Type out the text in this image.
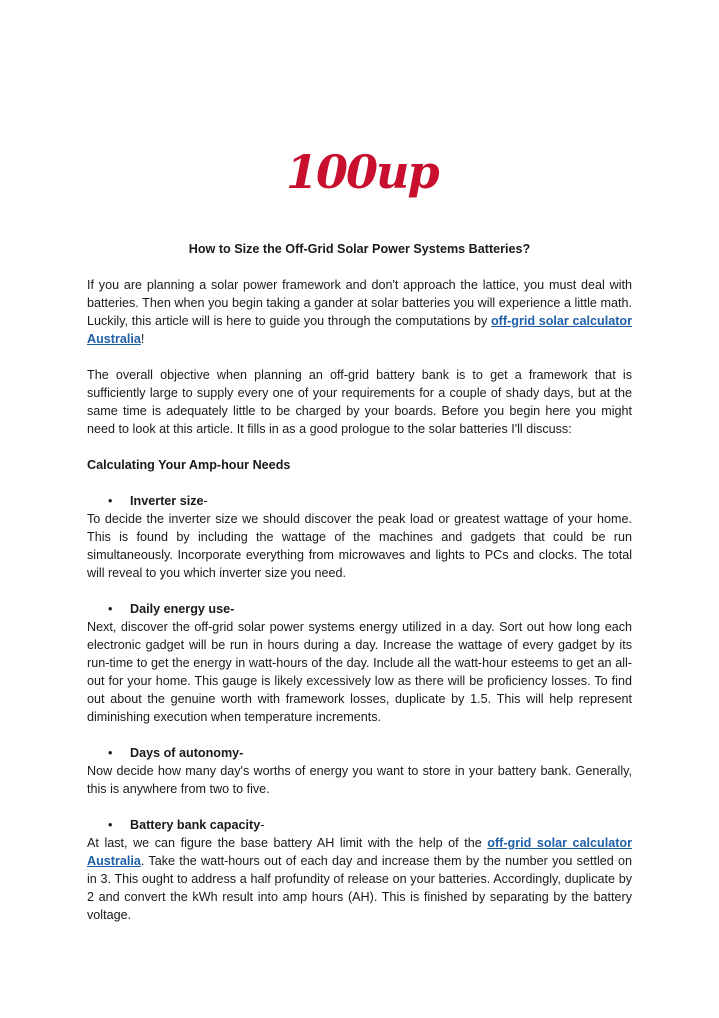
100up

How to Size the Off-Grid Solar Power Systems Batteries?

If you are planning a solar power framework and don't approach the lattice, you must deal with batteries. Then when you begin taking a gander at solar batteries you will experience a little math. Luckily, this article will is here to guide you through the computations by off-grid solar calculator Australia!

The overall objective when planning an off-grid battery bank is to get a framework that is sufficiently large to supply every one of your requirements for a couple of shady days, but at the same time is adequately little to be charged by your boards. Before you begin here you might need to look at this article. It fills in as a good prologue to the solar batteries I'll discuss:

Calculating Your Amp-hour Needs

• Inverter size-

To decide the inverter size we should discover the peak load or greatest wattage of your home. This is found by including the wattage of the machines and gadgets that could be run simultaneously. Incorporate everything from microwaves and lights to PCs and clocks. The total will reveal to you which inverter size you need.

• Daily energy use-

Next, discover the off-grid solar power systems energy utilized in a day. Sort out how long each electronic gadget will be run in hours during a day. Increase the wattage of every gadget by its run-time to get the energy in watt-hours of the day. Include all the watt-hour esteems to get an all-out for your home. This gauge is likely excessively low as there will be proficiency losses. To find out about the genuine worth with framework losses, duplicate by 1.5. This will help represent diminishing execution when temperature increments.

• Days of autonomy-

Now decide how many day's worths of energy you want to store in your battery bank. Generally, this is anywhere from two to five.

• Battery bank capacity-

At last, we can figure the base battery AH limit with the help of the off-grid solar calculator Australia. Take the watt-hours out of each day and increase them by the number you settled on in 3. This ought to address a half profundity of release on your batteries. Accordingly, duplicate by 2 and convert the kWh result into amp hours (AH). This is finished by separating by the battery voltage.
